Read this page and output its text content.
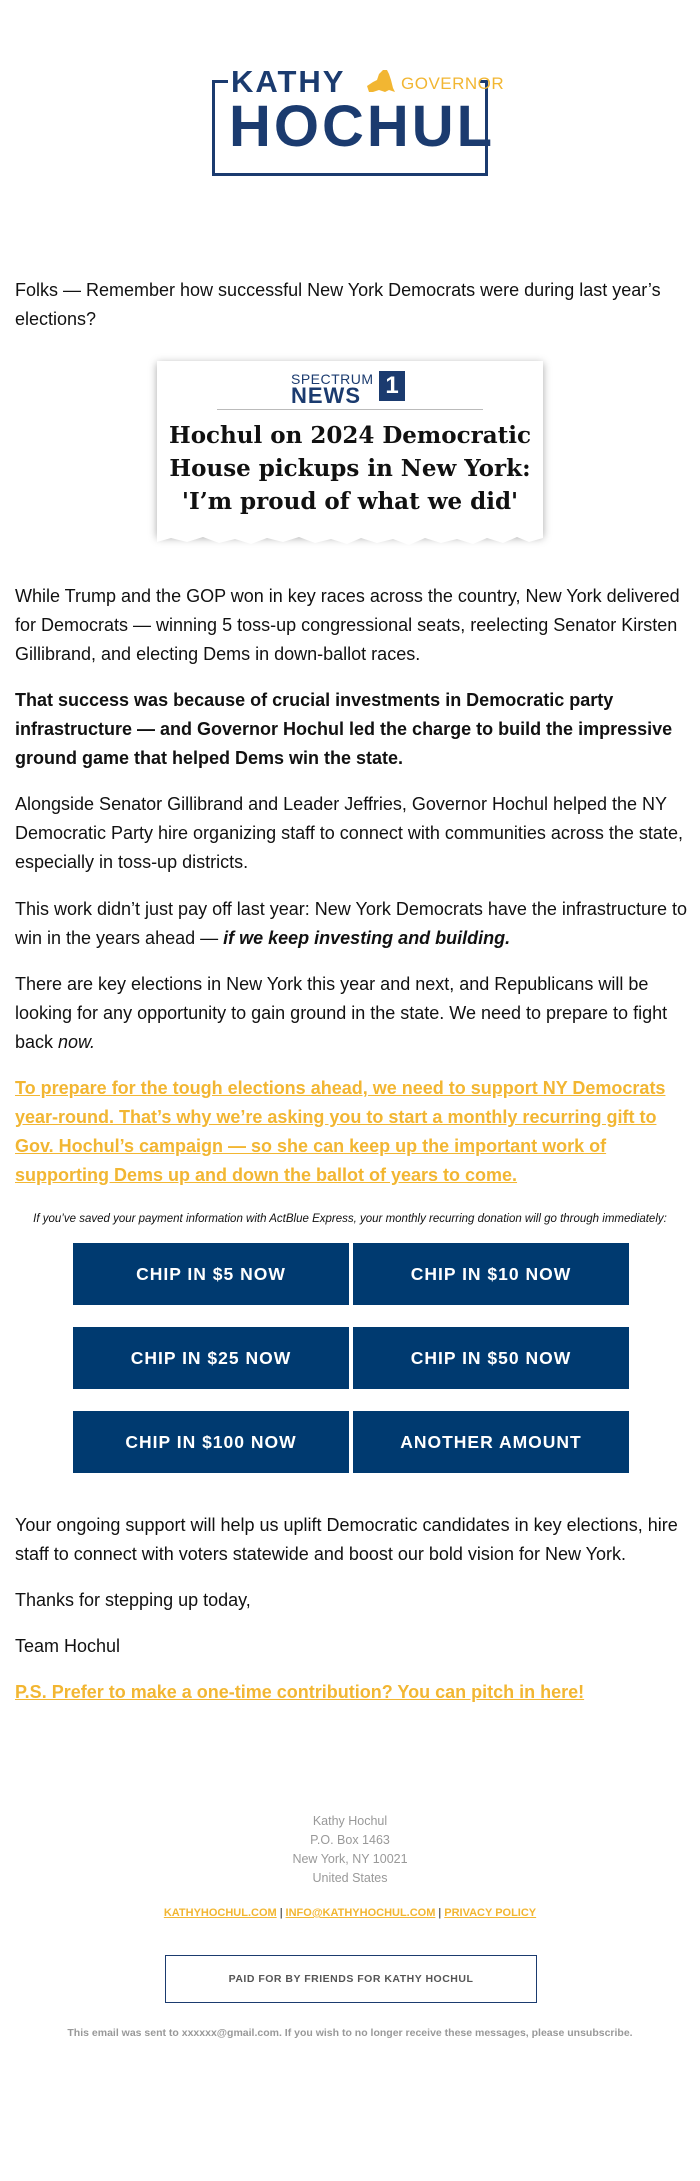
KATHY	GOVERNOR
HOCHUL

Folks — Remember how successful New York Democrats were during last year’s elections?

SPECTRUM
NEWS 1
Hochul on 2024 Democratic
House pickups in New York:
'I’m proud of what we did'

While Trump and the GOP won in key races across the country, New York delivered for Democrats — winning 5 toss-up congressional seats, reelecting Senator Kirsten Gillibrand, and electing Dems in down-ballot races.

That success was because of crucial investments in Democratic party infrastructure — and Governor Hochul led the charge to build the impressive ground game that helped Dems win the state.

Alongside Senator Gillibrand and Leader Jeffries, Governor Hochul helped the NY Democratic Party hire organizing staff to connect with communities across the state, especially in toss-up districts.

This work didn’t just pay off last year: New York Democrats have the infrastructure to win in the years ahead — if we keep investing and building.

There are key elections in New York this year and next, and Republicans will be looking for any opportunity to gain ground in the state. We need to prepare to fight back now.

To prepare for the tough elections ahead, we need to support NY Democrats year-round. That’s why we’re asking you to start a monthly recurring gift to Gov. Hochul’s campaign — so she can keep up the important work of supporting Dems up and down the ballot of years to come.

If you’ve saved your payment information with ActBlue Express, your monthly recurring donation will go through immediately:
CHIP IN $5 NOW	CHIP IN $10 NOW
CHIP IN $25 NOW	CHIP IN $50 NOW
CHIP IN $100 NOW	ANOTHER AMOUNT

Your ongoing support will help us uplift Democratic candidates in key elections, hire staff to connect with voters statewide and boost our bold vision for New York.

Thanks for stepping up today,

Team Hochul

P.S. Prefer to make a one-time contribution? You can pitch in here!

Kathy Hochul
P.O. Box 1463
New York, NY 10021
United States
KATHYHOCHUL.COM | INFO@KATHYHOCHUL.COM | PRIVACY POLICY
PAID FOR BY FRIENDS FOR KATHY HOCHUL
This email was sent to xxxxxx@gmail.com. If you wish to no longer receive these messages, please unsubscribe.
